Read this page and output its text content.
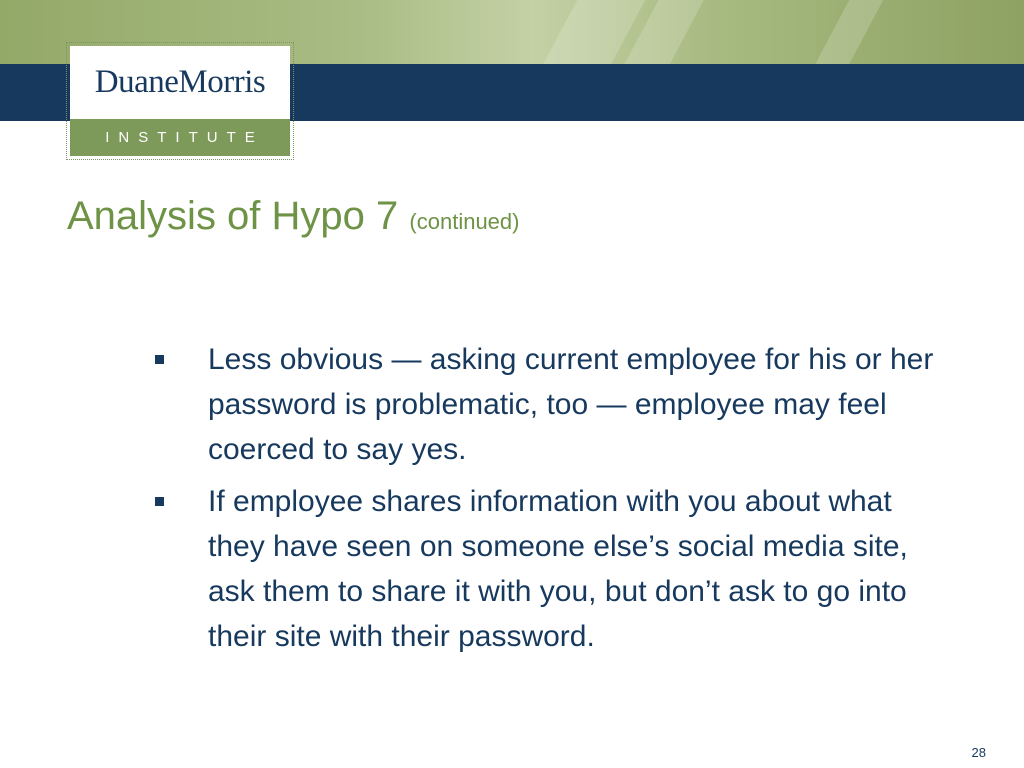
DuaneMorris
INSTITUTE
Analysis of Hypo 7 (continued)
Less obvious — asking current employee for his or her password is problematic, too — employee may feel coerced to say yes.
If employee shares information with you about what they have seen on someone else’s social media site, ask them to share it with you, but don’t ask to go into their site with their password.
28
